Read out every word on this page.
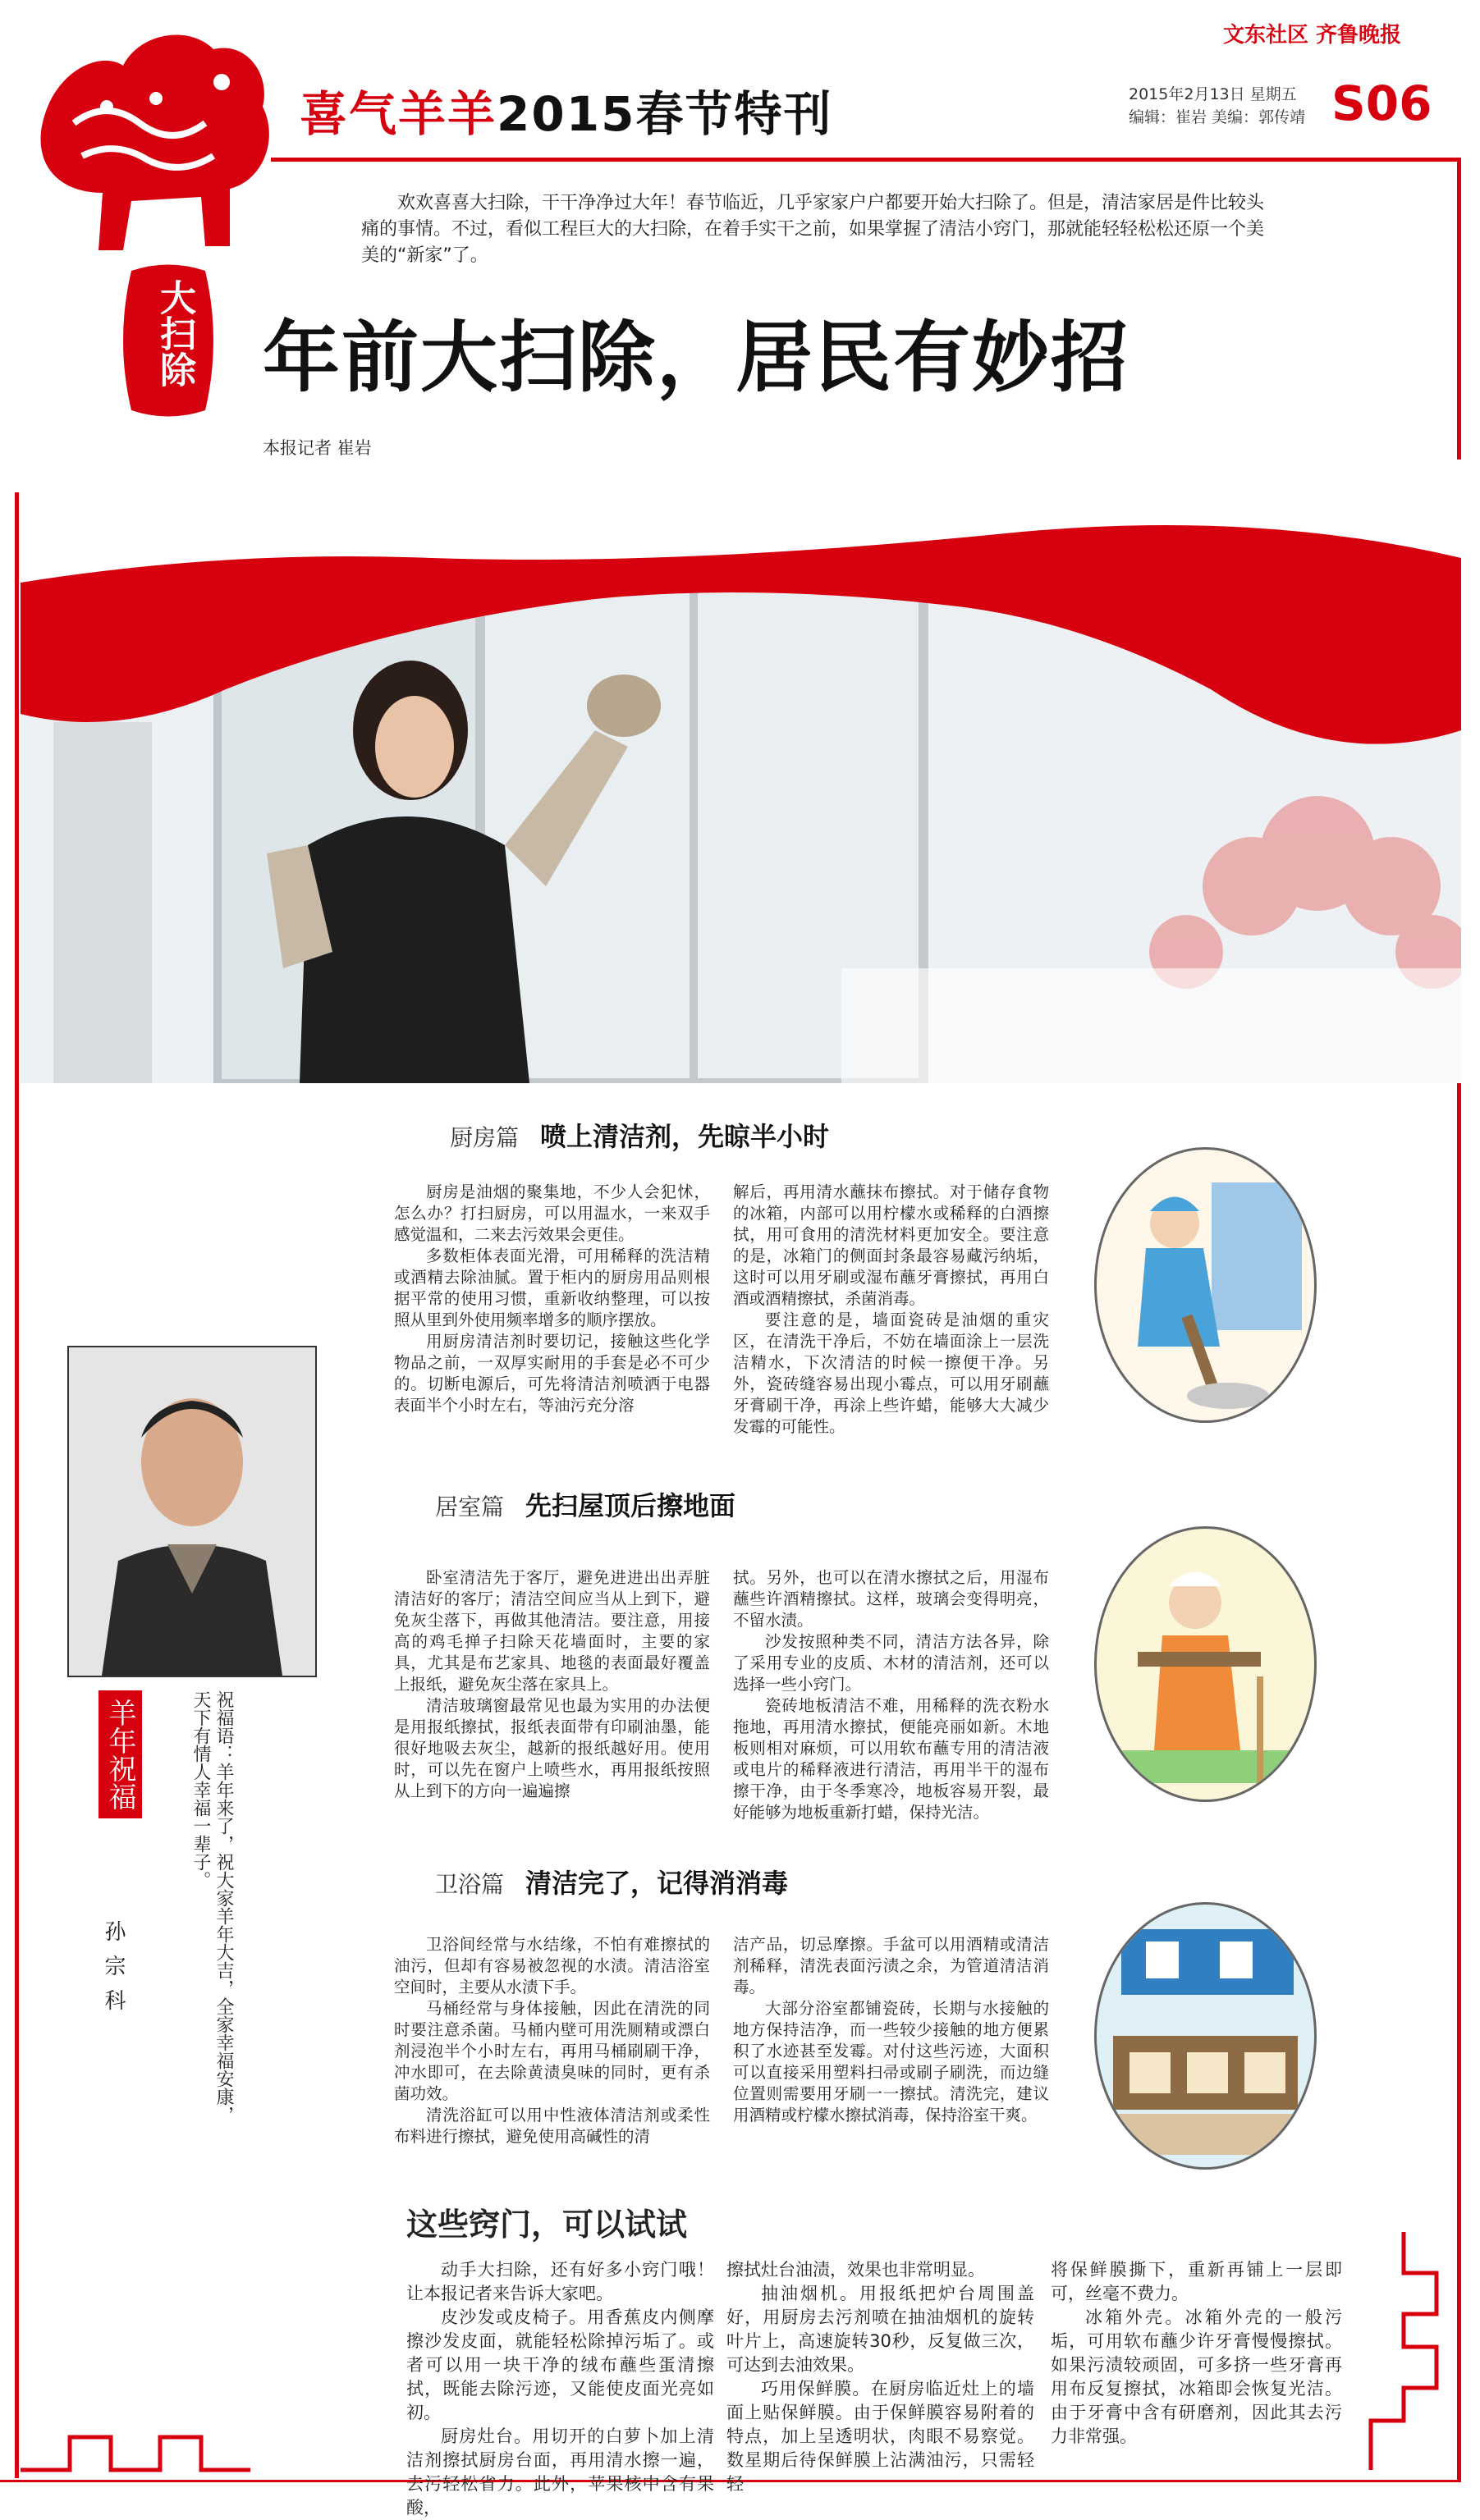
喜气羊羊2015春节特刊
文东社区 齐鲁晚报
2015年2月13日 星期五
编辑：崔岩 美编：郭传靖 S06
欢欢喜喜大扫除，干干净净过大年！春节临近，几乎家家户户都要开始大扫除了。但是，清洁家居是件比较头痛的事情。不过，看似工程巨大的大扫除，在着手实干之前，如果掌握了清洁小窍门，那就能轻轻松松还原一个美美的“新家”了。
大扫除 年前大扫除，居民有妙招
本报记者 崔岩
厨房篇 喷上清洁剂，先晾半小时

厨房是油烟的聚集地，不少人会犯怵，怎么办？打扫厨房，可以用温水，一来双手感觉温和，二来去污效果会更佳。

多数柜体表面光滑，可用稀释的洗洁精或酒精去除油腻。置于柜内的厨房用品则根据平常的使用习惯，重新收纳整理，可以按照从里到外使用频率增多的顺序摆放。

用厨房清洁剂时要切记，接触这些化学物品之前，一双厚实耐用的手套是必不可少的。切断电源后，可先将清洁剂喷洒于电器表面半个小时左右，等油污充分溶

解后，再用清水蘸抹布擦拭。对于储存食物的冰箱，内部可以用柠檬水或稀释的白酒擦拭，用可食用的清洗材料更加安全。要注意的是，冰箱门的侧面封条最容易藏污纳垢，这时可以用牙刷或湿布蘸牙膏擦拭，再用白酒或酒精擦拭，杀菌消毒。

要注意的是，墙面瓷砖是油烟的重灾区，在清洗干净后，不妨在墙面涂上一层洗洁精水，下次清洁的时候一擦便干净。另外，瓷砖缝容易出现小霉点，可以用牙刷蘸牙膏刷干净，再涂上些许蜡，能够大大减少发霉的可能性。

居室篇 先扫屋顶后擦地面

卧室清洁先于客厅，避免进进出出弄脏清洁好的客厅；清洁空间应当从上到下，避免灰尘落下，再做其他清洁。要注意，用接高的鸡毛掸子扫除天花墙面时，主要的家具，尤其是布艺家具、地毯的表面最好覆盖上报纸，避免灰尘落在家具上。

清洁玻璃窗最常见也最为实用的办法便是用报纸擦拭，报纸表面带有印刷油墨，能很好地吸去灰尘，越新的报纸越好用。使用时，可以先在窗户上喷些水，再用报纸按照从上到下的方向一遍遍擦

拭。另外，也可以在清水擦拭之后，用湿布蘸些许酒精擦拭。这样，玻璃会变得明亮，不留水渍。

沙发按照种类不同，清洁方法各异，除了采用专业的皮质、木材的清洁剂，还可以选择一些小窍门。

瓷砖地板清洁不难，用稀释的洗衣粉水拖地，再用清水擦拭，便能亮丽如新。木地板则相对麻烦，可以用软布蘸专用的清洁液或电片的稀释液进行清洁，再用半干的湿布擦干净，由于冬季寒冷，地板容易开裂，最好能够为地板重新打蜡，保持光洁。

卫浴篇 清洁完了，记得消消毒

卫浴间经常与水结缘，不怕有难擦拭的油污，但却有容易被忽视的水渍。清洁浴室空间时，主要从水渍下手。

马桶经常与身体接触，因此在清洗的同时要注意杀菌。马桶内壁可用洗厕精或漂白剂浸泡半个小时左右，再用马桶刷刷干净，冲水即可，在去除黄渍臭味的同时，更有杀菌功效。

清洗浴缸可以用中性液体清洁剂或柔性布料进行擦拭，避免使用高碱性的清

洁产品，切忌摩擦。手盆可以用酒精或清洁剂稀释，清洗表面污渍之余，为管道清洁消毒。

大部分浴室都铺瓷砖，长期与水接触的地方保持洁净，而一些较少接触的地方便累积了水迹甚至发霉。对付这些污迹，大面积可以直接采用塑料扫帚或刷子刷洗，而边缝位置则需要用牙刷一一擦拭。清洗完，建议用酒精或柠檬水擦拭消毒，保持浴室干爽。

羊年祝福	祝福语：羊年来了，祝大家羊年大吉，全家幸福安康，天下有情人幸福一辈子。
孙宗科
这些窍门，可以试试

动手大扫除，还有好多小窍门哦！让本报记者来告诉大家吧。

皮沙发或皮椅子。用香蕉皮内侧摩擦沙发皮面，就能轻松除掉污垢了。或者可以用一块干净的绒布蘸些蛋清擦拭，既能去除污迹，又能使皮面光亮如初。

厨房灶台。用切开的白萝卜加上清洁剂擦拭厨房台面，再用清水擦一遍，去污轻松省力。此外，苹果核中含有果酸，

擦拭灶台油渍，效果也非常明显。

抽油烟机。用报纸把炉台周围盖好，用厨房去污剂喷在抽油烟机的旋转叶片上，高速旋转30秒，反复做三次，可达到去油效果。

巧用保鲜膜。在厨房临近灶上的墙面上贴保鲜膜。由于保鲜膜容易附着的特点，加上呈透明状，肉眼不易察觉。数星期后待保鲜膜上沾满油污，只需轻轻

将保鲜膜撕下，重新再铺上一层即可，丝毫不费力。

冰箱外壳。冰箱外壳的一般污垢，可用软布蘸少许牙膏慢慢擦拭。如果污渍较顽固，可多挤一些牙膏再用布反复擦拭，冰箱即会恢复光洁。由于牙膏中含有研磨剂，因此其去污力非常强。
